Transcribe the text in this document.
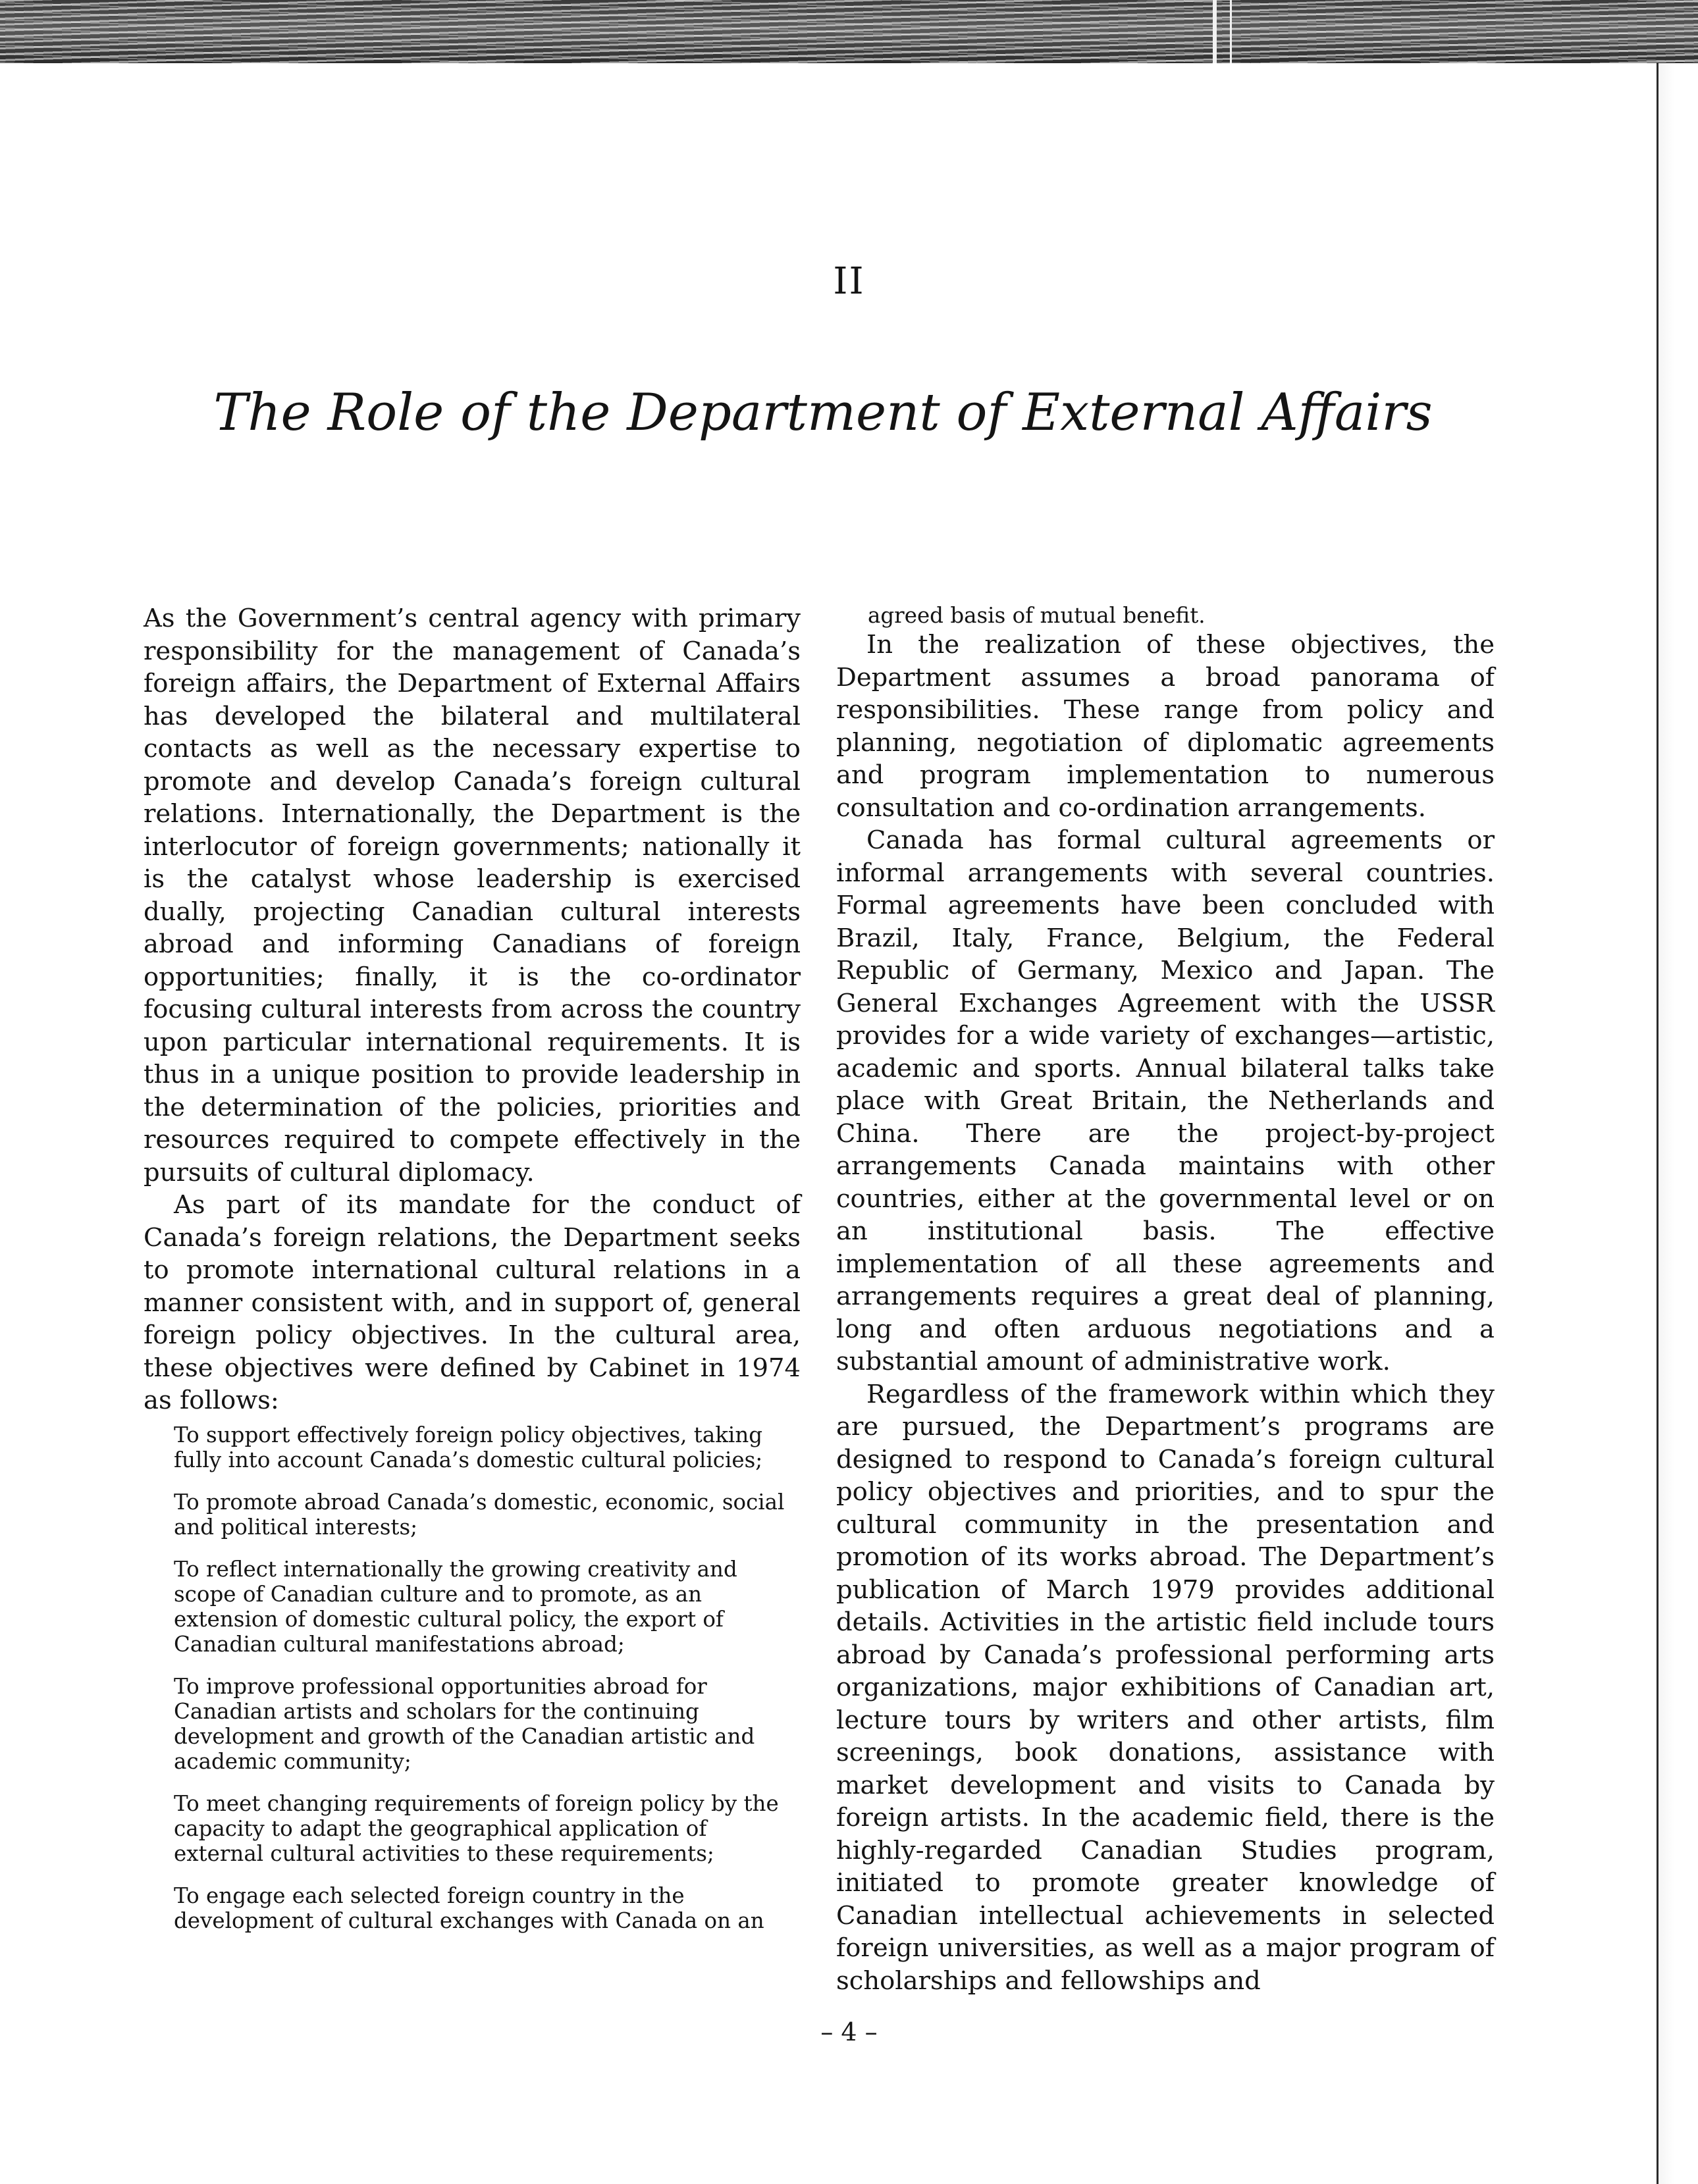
II
The Role of the Department of External Affairs

As the Government’s central agency with primary responsibility for the management of Canada’s foreign affairs, the Department of External Affairs has developed the bilateral and multilateral contacts as well as the necessary expertise to promote and develop Canada’s foreign cultural relations. Internationally, the Department is the interlocutor of foreign governments; nationally it is the catalyst whose leadership is exercised dually, projecting Canadian cultural interests abroad and informing Canadians of foreign opportunities; finally, it is the co-ordinator focusing cultural interests from across the country upon particular international requirements. It is thus in a unique position to provide leadership in the determination of the policies, priorities and resources required to compete effectively in the pursuits of cultural diplomacy.

As part of its mandate for the conduct of Canada’s foreign relations, the Department seeks to promote international cultural relations in a manner consistent with, and in support of, general foreign policy objectives. In the cultural area, these objectives were defined by Cabinet in 1974 as follows:

To support effectively foreign policy objectives, taking fully into account Canada’s domestic cultural policies;
To promote abroad Canada’s domestic, economic, social and political interests;
To reflect internationally the growing creativity and scope of Canadian culture and to promote, as an extension of domestic cultural policy, the export of Canadian cultural manifestations abroad;
To improve professional opportunities abroad for Canadian artists and scholars for the continuing development and growth of the Canadian artistic and academic community;
To meet changing requirements of foreign policy by the capacity to adapt the geographical application of external cultural activities to these requirements;
To engage each selected foreign country in the development of cultural exchanges with Canada on an

agreed basis of mutual benefit.

In the realization of these objectives, the Department assumes a broad panorama of responsibilities. These range from policy and planning, negotiation of diplomatic agreements and program implementation to numerous consultation and co-ordination arrangements.

Canada has formal cultural agreements or informal arrangements with several countries. Formal agreements have been concluded with Brazil, Italy, France, Belgium, the Federal Republic of Germany, Mexico and Japan. The General Exchanges Agreement with the USSR provides for a wide variety of exchanges—artistic, academic and sports. Annual bilateral talks take place with Great Britain, the Netherlands and China. There are the project-by-project arrangements Canada maintains with other countries, either at the governmental level or on an institutional basis. The effective implementation of all these agreements and arrangements requires a great deal of planning, long and often arduous negotiations and a substantial amount of administrative work.

Regardless of the framework within which they are pursued, the Department’s programs are designed to respond to Canada’s foreign cultural policy objectives and priorities, and to spur the cultural community in the presentation and promotion of its works abroad. The Department’s publication of March 1979 provides additional details. Activities in the artistic field include tours abroad by Canada’s professional performing arts organizations, major exhibitions of Canadian art, lecture tours by writers and other artists, film screenings, book donations, assistance with market development and visits to Canada by foreign artists. In the academic field, there is the highly-regarded Canadian Studies program, initiated to promote greater knowledge of Canadian intellectual achievements in selected foreign universities, as well as a major program of scholarships and fellowships and

– 4 –
